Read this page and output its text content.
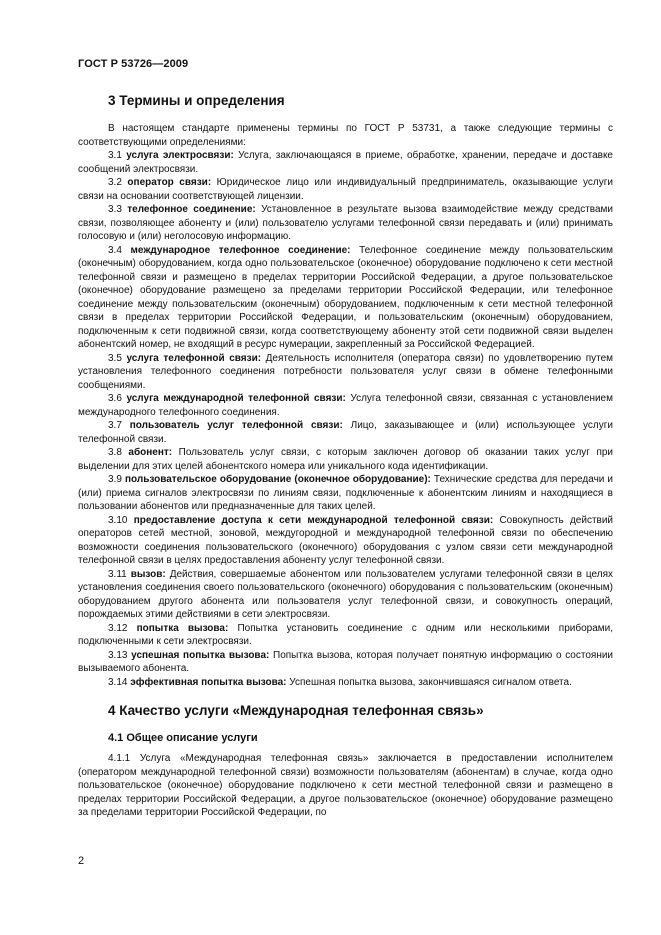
ГОСТ Р 53726—2009
3 Термины и определения

В настоящем стандарте применены термины по ГОСТ Р 53731, а также следующие термины с соответствующими определениями:

3.1 услуга электросвязи: Услуга, заключающаяся в приеме, обработке, хранении, передаче и доставке сообщений электросвязи.

3.2 оператор связи: Юридическое лицо или индивидуальный предприниматель, оказывающие услуги связи на основании соответствующей лицензии.

3.3 телефонное соединение: Установленное в результате вызова взаимодействие между средствами связи, позволяющее абоненту и (или) пользователю услугами телефонной связи передавать и (или) принимать голосовую и (или) неголосовую информацию.

3.4 международное телефонное соединение: Телефонное соединение между пользовательским (оконечным) оборудованием, когда одно пользовательское (оконечное) оборудование подключено к сети местной телефонной связи и размещено в пределах территории Российской Федерации, а другое пользовательское (оконечное) оборудование размещено за пределами территории Российской Федерации, или телефонное соединение между пользовательским (оконечным) оборудованием, подключенным к сети местной телефонной связи в пределах территории Российской Федерации, и пользовательским (оконечным) оборудованием, подключенным к сети подвижной связи, когда соответствующему абоненту этой сети подвижной связи выделен абонентский номер, не входящий в ресурс нумерации, закрепленный за Российской Федерацией.

3.5 услуга телефонной связи: Деятельность исполнителя (оператора связи) по удовлетворению путем установления телефонного соединения потребности пользователя услуг связи в обмене телефонными сообщениями.

3.6 услуга международной телефонной связи: Услуга телефонной связи, связанная с установлением международного телефонного соединения.

3.7 пользователь услуг телефонной связи: Лицо, заказывающее и (или) использующее услуги телефонной связи.

3.8 абонент: Пользователь услуг связи, с которым заключен договор об оказании таких услуг при выделении для этих целей абонентского номера или уникального кода идентификации.

3.9 пользовательское оборудование (оконечное оборудование): Технические средства для передачи и (или) приема сигналов электросвязи по линиям связи, подключенные к абонентским линиям и находящиеся в пользовании абонентов или предназначенные для таких целей.

3.10 предоставление доступа к сети международной телефонной связи: Совокупность действий операторов сетей местной, зоновой, междугородной и международной телефонной связи по обеспечению возможности соединения пользовательского (оконечного) оборудования с узлом связи сети международной телефонной связи в целях предоставления абоненту услуг телефонной связи.

3.11 вызов: Действия, совершаемые абонентом или пользователем услугами телефонной связи в целях установления соединения своего пользовательского (оконечного) оборудования с пользовательским (оконечным) оборудованием другого абонента или пользователя услуг телефонной связи, и совокупность операций, порождаемых этими действиями в сети электросвязи.

3.12 попытка вызова: Попытка установить соединение с одним или несколькими приборами, подключенными к сети электросвязи.

3.13 успешная попытка вызова: Попытка вызова, которая получает понятную информацию о состоянии вызываемого абонента.

3.14 эффективная попытка вызова: Успешная попытка вызова, закончившаяся сигналом ответа.

4 Качество услуги «Международная телефонная связь»
4.1 Общее описание услуги

4.1.1 Услуга «Международная телефонная связь» заключается в предоставлении исполнителем (оператором международной телефонной связи) возможности пользователям (абонентам) в случае, когда одно пользовательское (оконечное) оборудование подключено к сети местной телефонной связи и размещено в пределах территории Российской Федерации, а другое пользовательское (оконечное) оборудование размещено за пределами территории Российской Федерации, по

2
